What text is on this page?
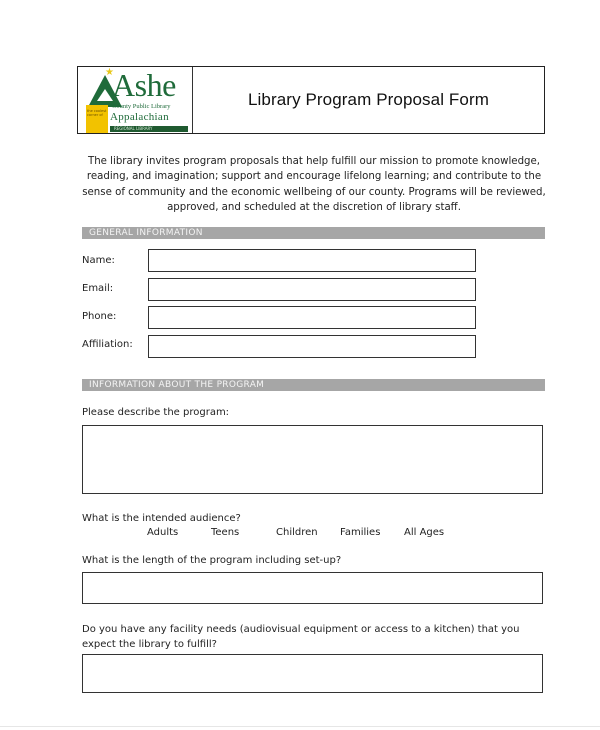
★
Ashe
County Public Library
the coolest corner of Appalachian
REGIONAL LIBRARY
Library Program Proposal Form

The library invites program proposals that help fulfill our mission to promote knowledge, reading, and imagination; support and encourage lifelong learning; and contribute to the sense of community and the economic wellbeing of our county. Programs will be reviewed, approved, and scheduled at the discretion of library staff.

GENERAL INFORMATION
Name:
Email:
Phone:
Affiliation:
INFORMATION ABOUT THE PROGRAM
Please describe the program:
What is the intended audience?
Adults	Teens	Children Families All Ages
What is the length of the program including set-up?
Do you have any facility needs (audiovisual equipment or access to a kitchen) that you
expect the library to fulfill?
